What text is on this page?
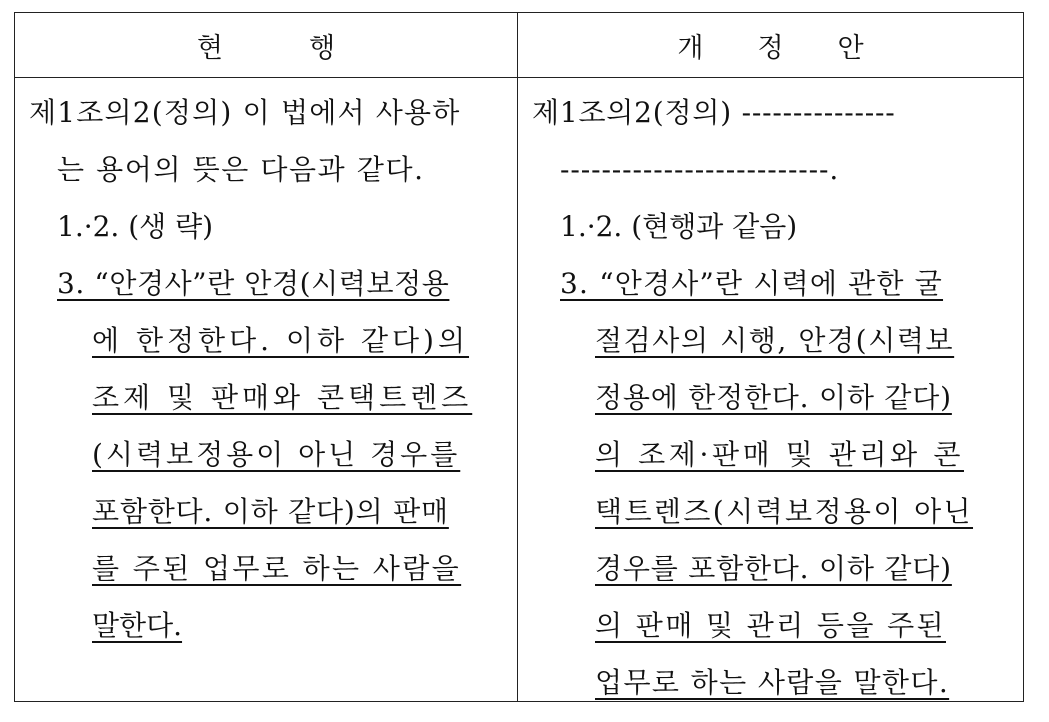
현	행	개 정 안
제1조의2(정의) 이 법에서 사용하
는 용어의 뜻은 다음과 같다.
1.·2. (생 략)
3. “안경사”란 안경(시력보정용
에 한정한다. 이하 같다)의
조제 및 판매와 콘택트렌즈
(시력보정용이 아닌 경우를
포함한다. 이하 같다)의 판매
를 주된 업무로 하는 사람을
말한다.
제1조의2(정의) ---------------
--------------------------.
1.·2. (현행과 같음)
3. “안경사”란 시력에 관한 굴
절검사의 시행, 안경(시력보
정용에 한정한다. 이하 같다)
의 조제·판매 및 관리와 콘
택트렌즈(시력보정용이 아닌
경우를 포함한다. 이하 같다)
의 판매 및 관리 등을 주된
업무로 하는 사람을 말한다.
